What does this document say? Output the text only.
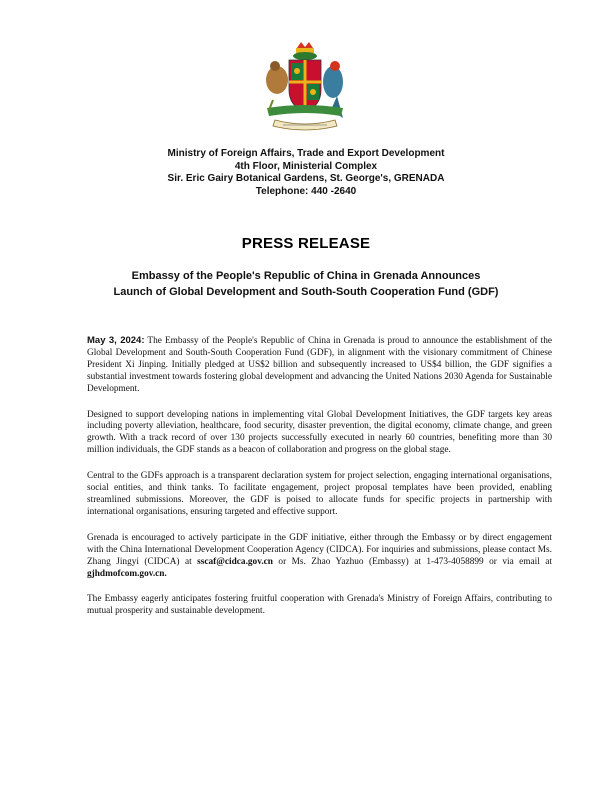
Ministry of Foreign Affairs, Trade and Export Development
4th Floor, Ministerial Complex
Sir. Eric Gairy Botanical Gardens, St. George's, GRENADA
Telephone: 440 -2640
PRESS RELEASE
Embassy of the People's Republic of China in Grenada Announces
Launch of Global Development and South-South Cooperation Fund (GDF)

May 3, 2024: The Embassy of the People's Republic of China in Grenada is proud to announce the establishment of the Global Development and South-South Cooperation Fund (GDF), in alignment with the visionary commitment of Chinese President Xi Jinping. Initially pledged at US$2 billion and subsequently increased to US$4 billion, the GDF signifies a substantial investment towards fostering global development and advancing the United Nations 2030 Agenda for Sustainable Development.

Designed to support developing nations in implementing vital Global Development Initiatives, the GDF targets key areas including poverty alleviation, healthcare, food security, disaster prevention, the digital economy, climate change, and green growth. With a track record of over 130 projects successfully executed in nearly 60 countries, benefiting more than 30 million individuals, the GDF stands as a beacon of collaboration and progress on the global stage.

Central to the GDFs approach is a transparent declaration system for project selection, engaging international organisations, social entities, and think tanks. To facilitate engagement, project proposal templates have been provided, enabling streamlined submissions. Moreover, the GDF is poised to allocate funds for specific projects in partnership with international organisations, ensuring targeted and effective support.

Grenada is encouraged to actively participate in the GDF initiative, either through the Embassy or by direct engagement with the China International Development Cooperation Agency (CIDCA). For inquiries and submissions, please contact Ms. Zhang Jingyi (CIDCA) at sscaf@cidca.gov.cn or Ms. Zhao Yazhuo (Embassy) at 1-473-4058899 or via email at gjhdmofcom.gov.cn.

The Embassy eagerly anticipates fostering fruitful cooperation with Grenada's Ministry of Foreign Affairs, contributing to mutual prosperity and sustainable development.
